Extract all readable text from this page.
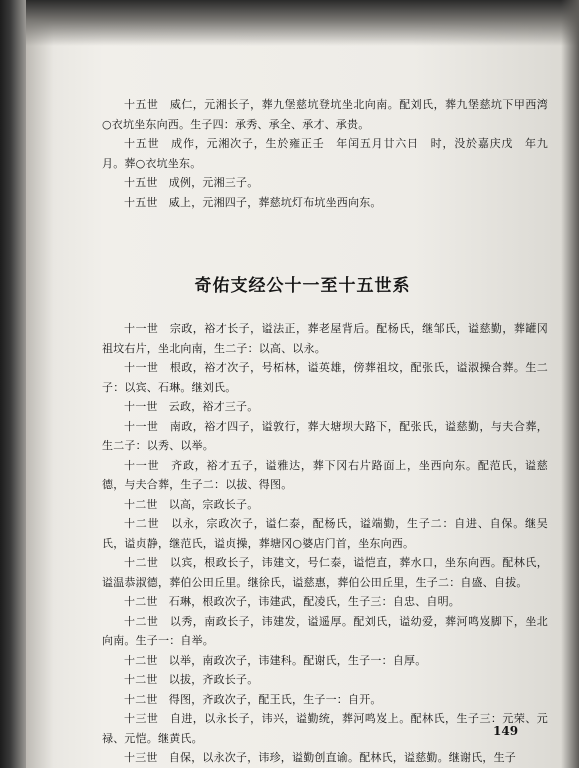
十五世　威仁，元湘长子，葬九堡慈坑登坑坐北向南。配刘氏，葬九堡慈坑下甲西湾○衣坑坐东向西。生子四：承秀、承全、承才、承贵。
十五世　成作，元湘次子，生於雍正壬　年闰五月廿六日　时，没於嘉庆戊　年九月。葬○衣坑坐东。
十五世　成例，元湘三子。
十五世　威上，元湘四子，葬慈坑灯布坑坐西向东。
奇佑支经公十一至十五世系
十一世　宗政，裕才长子，谥法正，葬老屋背后。配杨氏，继邹氏，谥慈勤，葬罐冈祖坟右片，坐北向南，生二子：以高、以永。
十一世　根政，裕才次子，号柘林，谥英雄，傍葬祖坟，配张氏，谥淑操合葬。生二子：以宾、石琳。继刘氏。
十一世　云政，裕才三子。
十一世　南政，裕才四子，谥敦行，葬大塘坝大路下，配张氏，谥慈勤，与夫合葬，生二子：以秀、以举。
十一世　齐政，裕才五子，谥雅达，葬下冈右片路面上，坐西向东。配范氏，谥慈德，与夫合葬，生子二：以拔、得图。
十二世　以高，宗政长子。
十二世　以永，宗政次子，谥仁泰，配杨氏，谥端勤，生子二：自进、自保。继吴氏，谥贞静，继范氏，谥贞操，葬塘冈○婆店门首，坐东向西。
十二世　以宾，根政长子，讳建文，号仁泰，谥恺直，葬水口，坐东向西。配林氏，谥温恭淑德，葬伯公田丘里。继徐氏，谥慈惠，葬伯公田丘里，生子二：自盛、自拔。
十二世　石琳，根政次子，讳建武，配凌氏，生子三：自忠、自明。
十二世　以秀，南政长子，讳建发，谥遥厚。配刘氏，谥幼爱，葬河鸣岌脚下，坐北向南。生子一：自举。
十二世　以举，南政次子，讳建科。配谢氏，生子一：自厚。
十二世　以拔，齐政长子。
十二世　得图，齐政次子，配王氏，生子一：自开。
十三世　自进，以永长子，讳兴，谥勤统，葬河鸣岌上。配林氏，生子三：元荣、元禄、元恺。继黄氏。
十三世　自保，以永次子，讳珍，谥勤创直谕。配林氏，谥慈勤。继谢氏，生子
149
